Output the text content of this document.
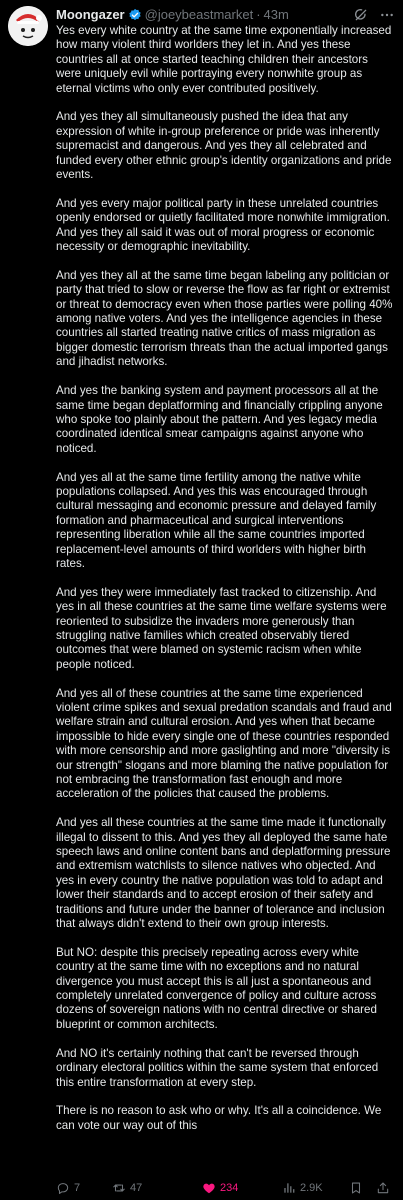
Moongazer @joeybeastmarket · 43m

Yes every white country at the same time exponentially increased how many violent third worlders they let in. And yes these countries all at once started teaching children their ancestors were uniquely evil while portraying every nonwhite group as eternal victims who only ever contributed positively.

And yes they all simultaneously pushed the idea that any expression of white in-group preference or pride was inherently supremacist and dangerous. And yes they all celebrated and funded every other ethnic group's identity organizations and pride events.

And yes every major political party in these unrelated countries openly endorsed or quietly facilitated more nonwhite immigration. And yes they all said it was out of moral progress or economic necessity or demographic inevitability.

And yes they all at the same time began labeling any politician or party that tried to slow or reverse the flow as far right or extremist or threat to democracy even when those parties were polling 40% among native voters. And yes the intelligence agencies in these countries all started treating native critics of mass migration as bigger domestic terrorism threats than the actual imported gangs and jihadist networks.

And yes the banking system and payment processors all at the same time began deplatforming and financially crippling anyone who spoke too plainly about the pattern. And yes legacy media coordinated identical smear campaigns against anyone who noticed.

And yes all at the same time fertility among the native white populations collapsed. And yes this was encouraged through cultural messaging and economic pressure and delayed family formation and pharmaceutical and surgical interventions representing liberation while all the same countries imported replacement-level amounts of third worlders with higher birth rates.

And yes they were immediately fast tracked to citizenship. And yes in all these countries at the same time welfare systems were reoriented to subsidize the invaders more generously than struggling native families which created observably tiered outcomes that were blamed on systemic racism when white people noticed.

And yes all of these countries at the same time experienced violent crime spikes and sexual predation scandals and fraud and welfare strain and cultural erosion. And yes when that became impossible to hide every single one of these countries responded with more censorship and more gaslighting and more "diversity is our strength" slogans and more blaming the native population for not embracing the transformation fast enough and more acceleration of the policies that caused the problems.

And yes all these countries at the same time made it functionally illegal to dissent to this. And yes they all deployed the same hate speech laws and online content bans and deplatforming pressure and extremism watchlists to silence natives who objected. And yes in every country the native population was told to adapt and lower their standards and to accept erosion of their safety and traditions and future under the banner of tolerance and inclusion that always didn't extend to their own group interests.

But NO: despite this precisely repeating across every white country at the same time with no exceptions and no natural divergence you must accept this is all just a spontaneous and completely unrelated convergence of policy and culture across dozens of sovereign nations with no central directive or shared blueprint or common architects.

And NO it's certainly nothing that can't be reversed through ordinary electoral politics within the same system that enforced this entire transformation at every step.

There is no reason to ask who or why. It's all a coincidence. We can vote our way out of this

7	47	234	2.9K
